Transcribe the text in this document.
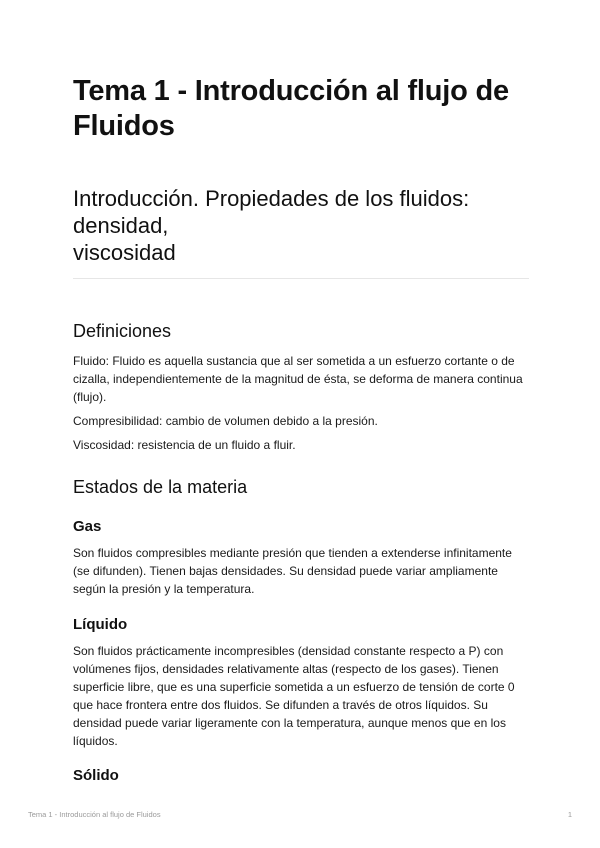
Tema 1 - Introducción al flujo de Fluidos
Introducción. Propiedades de los fluidos: densidad,
viscosidad
Definiciones

Fluido: Fluido es aquella sustancia que al ser sometida a un esfuerzo cortante o de cizalla, independientemente de la magnitud de ésta, se deforma de manera continua (flujo).

Compresibilidad: cambio de volumen debido a la presión.

Viscosidad: resistencia de un fluido a fluir.

Estados de la materia
Gas

Son fluidos compresibles mediante presión que tienden a extenderse infinitamente (se difunden). Tienen bajas densidades. Su densidad puede variar ampliamente según la presión y la temperatura.

Líquido

Son fluidos prácticamente incompresibles (densidad constante respecto a P) con volúmenes fijos, densidades relativamente altas (respecto de los gases). Tienen superficie libre, que es una superficie sometida a un esfuerzo de tensión de corte 0 que hace frontera entre dos fluidos. Se difunden a través de otros líquidos. Su densidad puede variar ligeramente con la temperatura, aunque menos que en los líquidos.

Sólido
Tema 1 - Introducción al flujo de Fluidos	1
